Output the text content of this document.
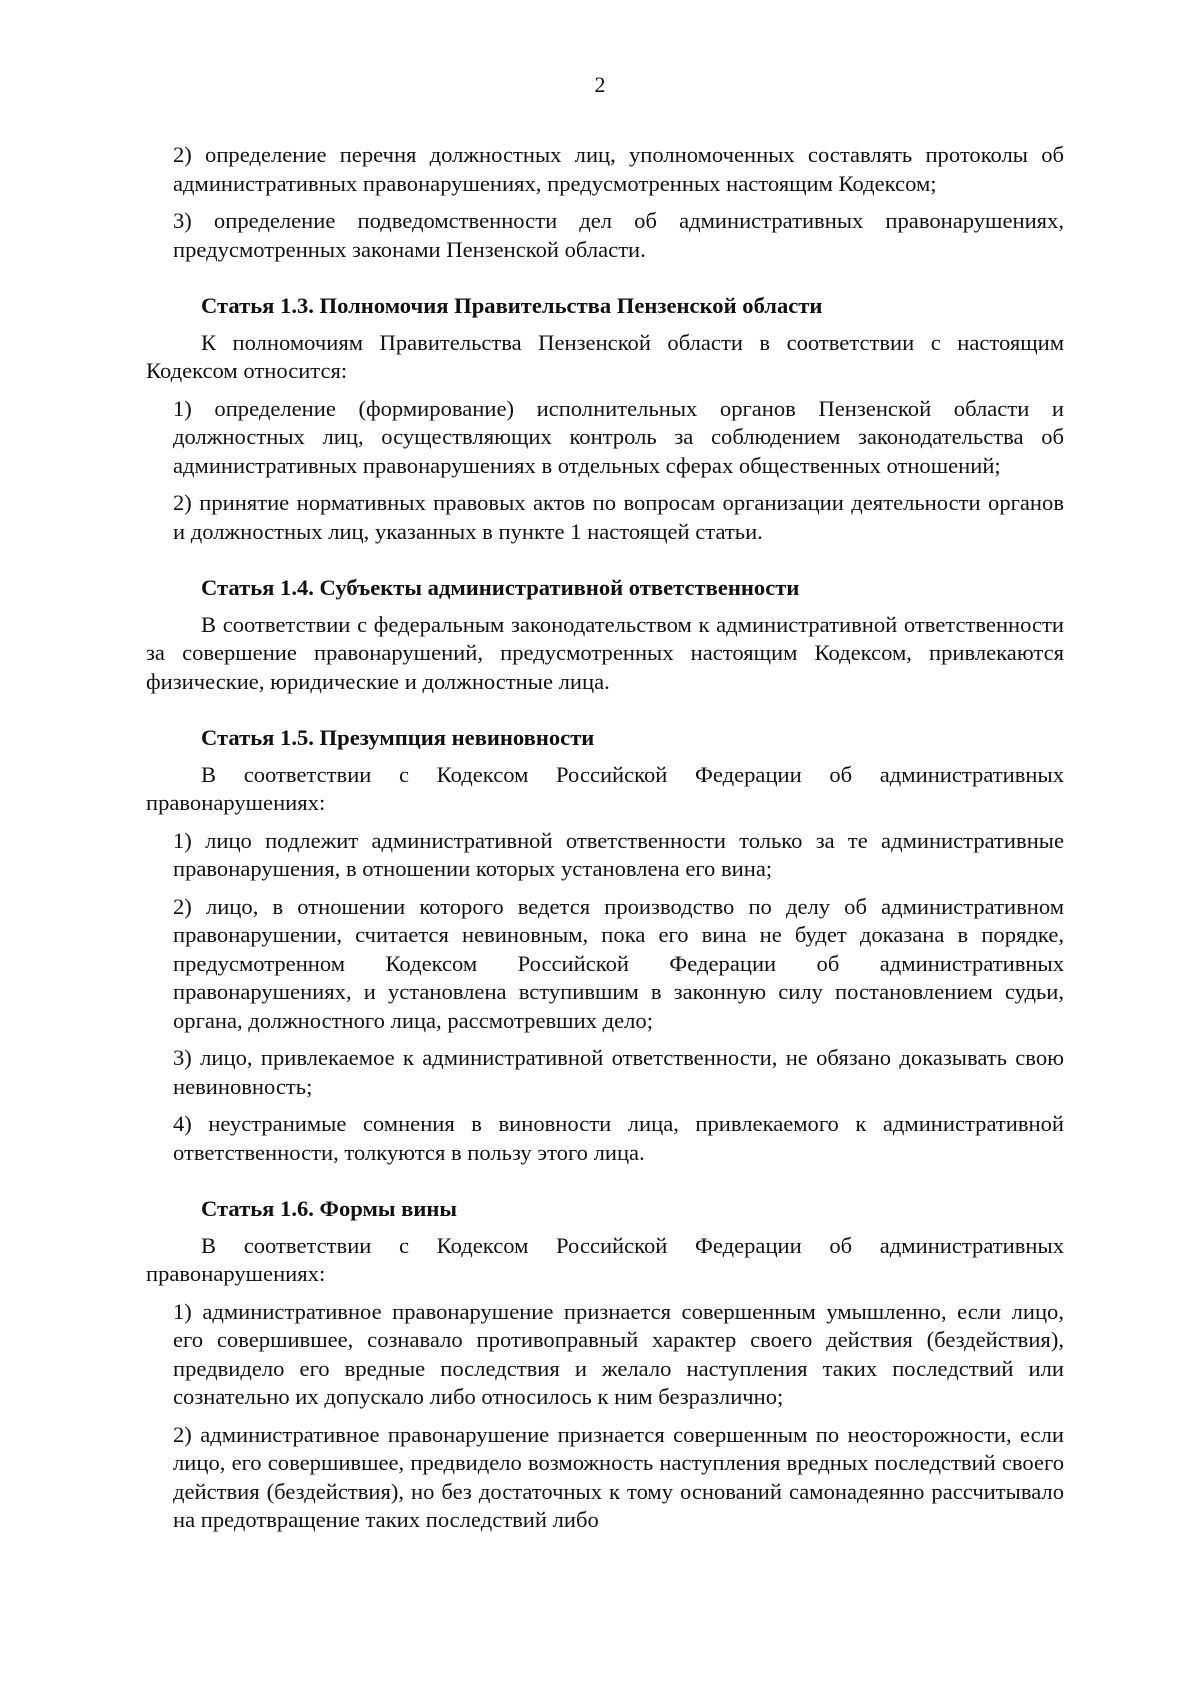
2

2) определение перечня должностных лиц, уполномоченных составлять протоколы об административных правонарушениях, предусмотренных настоящим Кодексом;

3) определение подведомственности дел об административных правонарушениях, предусмотренных законами Пензенской области.

Статья 1.3. Полномочия Правительства Пензенской области

К полномочиям Правительства Пензенской области в соответствии с настоящим Кодексом относится:

1) определение (формирование) исполнительных органов Пензенской области и должностных лиц, осуществляющих контроль за соблюдением законодательства об административных правонарушениях в отдельных сферах общественных отношений;

2) принятие нормативных правовых актов по вопросам организации деятельности органов и должностных лиц, указанных в пункте 1 настоящей статьи.

Статья 1.4. Субъекты административной ответственности

В соответствии с федеральным законодательством к административной ответственности за совершение правонарушений, предусмотренных настоящим Кодексом, привлекаются физические, юридические и должностные лица.

Статья 1.5. Презумпция невиновности

В соответствии с Кодексом Российской Федерации об административных правонарушениях:

1) лицо подлежит административной ответственности только за те административные правонарушения, в отношении которых установлена его вина;

2) лицо, в отношении которого ведется производство по делу об административном правонарушении, считается невиновным, пока его вина не будет доказана в порядке, предусмотренном Кодексом Российской Федерации об административных правонарушениях, и установлена вступившим в законную силу постановлением судьи, органа, должностного лица, рассмотревших дело;

3) лицо, привлекаемое к административной ответственности, не обязано доказывать свою невиновность;

4) неустранимые сомнения в виновности лица, привлекаемого к административной ответственности, толкуются в пользу этого лица.

Статья 1.6. Формы вины

В соответствии с Кодексом Российской Федерации об административных правонарушениях:

1) административное правонарушение признается совершенным умышленно, если лицо, его совершившее, сознавало противоправный характер своего действия (бездействия), предвидело его вредные последствия и желало наступления таких последствий или сознательно их допускало либо относилось к ним безразлично;

2) административное правонарушение признается совершенным по неосторожности, если лицо, его совершившее, предвидело возможность наступления вредных последствий своего действия (бездействия), но без достаточных к тому оснований самонадеянно рассчитывало на предотвращение таких последствий либо
